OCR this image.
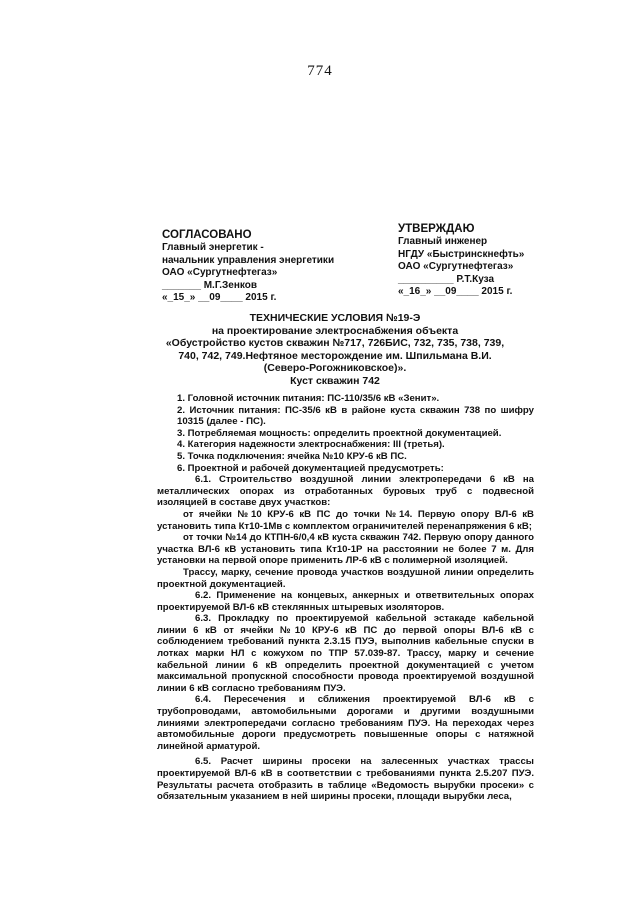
774
СОГЛАСОВАНО
Главный энергетик -
начальник управления энергетики
ОАО «Сургутнефтегаз»
_______ М.Г.Зенков
«_15_» __09____ 2015 г.
УТВЕРЖДАЮ
Главный инженер
НГДУ «Быстринскнефть»
ОАО «Сургутнефтегаз»
__________ Р.Т.Куза
«_16_» __09____ 2015 г.
ТЕХНИЧЕСКИЕ УСЛОВИЯ №19-Э
на проектирование электроснабжения объекта
«Обустройство кустов скважин №717, 726БИС, 732, 735, 738, 739,
740, 742, 749.Нефтяное месторождение им. Шпильмана В.И.
(Северо-Рогожниковское)».
Куст скважин 742

1. Головной источник питания: ПС-110/35/6 кВ «Зенит».

2. Источник питания: ПС-35/6 кВ в районе куста скважин 738 по шифру 10315 (далее - ПС).

3. Потребляемая мощность: определить проектной документацией.

4. Категория надежности электроснабжения: III (третья).

5. Точка подключения: ячейка №10 КРУ-6 кВ ПС.

6. Проектной и рабочей документацией предусмотреть:

6.1. Строительство воздушной линии электропередачи 6 кВ на металлических опорах из отработанных буровых труб с подвесной изоляцией в составе двух участков:

от ячейки №10 КРУ-6 кВ ПС до точки №14. Первую опору ВЛ-6 кВ установить типа Кт10-1Мв с комплектом ограничителей перенапряжения 6 кВ;

от точки №14 до КТПН-6/0,4 кВ куста скважин 742. Первую опору данного участка ВЛ-6 кВ установить типа Кт10-1Р на расстоянии не более 7 м. Для установки на первой опоре применить ЛР-6 кВ с полимерной изоляцией.

Трассу, марку, сечение провода участков воздушной линии определить проектной документацией.

6.2. Применение на концевых, анкерных и ответвительных опорах проектируемой ВЛ-6 кВ стеклянных штыревых изоляторов.

6.3. Прокладку по проектируемой кабельной эстакаде кабельной линии 6 кВ от ячейки №10 КРУ-6 кВ ПС до первой опоры ВЛ-6 кВ с соблюдением требований пункта 2.3.15 ПУЭ, выполнив кабельные спуски в лотках марки НЛ с кожухом по ТПР 57.039-87. Трассу, марку и сечение кабельной линии 6 кВ определить проектной документацией с учетом максимальной пропускной способности провода проектируемой воздушной линии 6 кВ согласно требованиям ПУЭ.

6.4. Пересечения и сближения проектируемой ВЛ-6 кВ с трубопроводами, автомобильными дорогами и другими воздушными линиями электропередачи согласно требованиям ПУЭ. На переходах через автомобильные дороги предусмотреть повышенные опоры с натяжной линейной арматурой.

6.5. Расчет ширины просеки на залесенных участках трассы проектируемой ВЛ-6 кВ в соответствии с требованиями пункта 2.5.207 ПУЭ. Результаты расчета отобразить в таблице «Ведомость вырубки просеки» с обязательным указанием в ней ширины просеки, площади вырубки леса,
